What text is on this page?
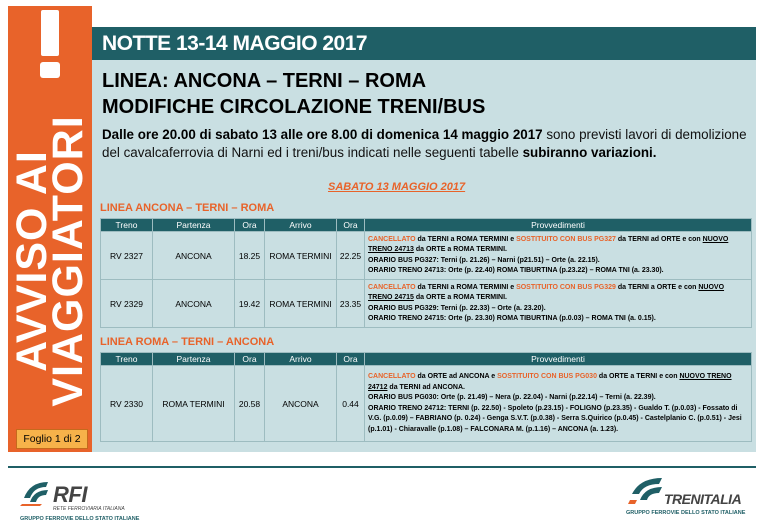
AVVISO AI
VIAGGIATORI
Foglio 1 di 2
NOTTE 13-14 MAGGIO 2017
LINEA: ANCONA – TERNI – ROMA
MODIFICHE CIRCOLAZIONE TRENI/BUS
Dalle ore 20.00 di sabato 13 alle ore 8.00 di domenica 14 maggio 2017 sono previsti lavori di demolizione del cavalcaferrovia di Narni ed i treni/bus indicati nelle seguenti tabelle subiranno variazioni.
SABATO 13 MAGGIO 2017
LINEA ANCONA – TERNI – ROMA
Treno	Partenza	Ora	Arrivo	Ora	Provvedimenti
RV 2327	ANCONA	18.25	ROMA TERMINI	22.25	CANCELLATO da TERNI a ROMA TERMINI e SOSTITUITO CON BUS PG327 da TERNI ad ORTE e con NUOVO TRENO 24713 da ORTE a ROMA TERMINI.
ORARIO BUS PG327: Terni (p. 21.26) – Narni (p21.51) – Orte (a. 22.15).
ORARIO TRENO 24713: Orte (p. 22.40) ROMA TIBURTINA (p.23.22) – ROMA TNI (a. 23.30).

RV 2329	ANCONA	19.42	ROMA TERMINI	23.35	CANCELLATO da TERNI a ROMA TERMINI e SOSTITUITO CON BUS PG329 da TERNI a ORTE e con NUOVO TRENO 24715 da ORTE a ROMA TERMINI.
ORARIO BUS PG329: Terni (p. 22.33) – Orte (a. 23.20).
ORARIO TRENO 24715: Orte (p. 23.30) ROMA TIBURTINA (p.0.03) – ROMA TNI (a. 0.15).
LINEA ROMA – TERNI – ANCONA
Treno	Partenza	Ora	Arrivo	Ora	Provvedimenti
RV 2330	ROMA TERMINI	20.58	ANCONA	0.44	CANCELLATO da ORTE ad ANCONA e SOSTITUITO CON BUS PG030 da ORTE a TERNI e con NUOVO TRENO 24712 da TERNI ad ANCONA.
ORARIO BUS PG030: Orte (p. 21.49) – Nera (p. 22.04) - Narni (p.22.14) – Terni (a. 22.39).
ORARIO TRENO 24712: TERNI (p. 22.50) - Spoleto (p.23.15) - FOLIGNO (p.23.35) - Gualdo T. (p.0.03) - Fossato di V.G. (p.0.09) – FABRIANO (p. 0.24) - Genga S.V.T. (p.0.38) - Serra S.Quirico (p.0.45) - Castelplanio C. (p.0.51) - Jesi (p.1.01) - Chiaravalle (p.1.08) – FALCONARA M. (p.1.16) – ANCONA (a. 1.23).
RFI
RETE FERROVIARIA ITALIANA
GRUPPO FERROVIE DELLO STATO ITALIANE
TRENITALIA
GRUPPO FERROVIE DELLO STATO ITALIANE
